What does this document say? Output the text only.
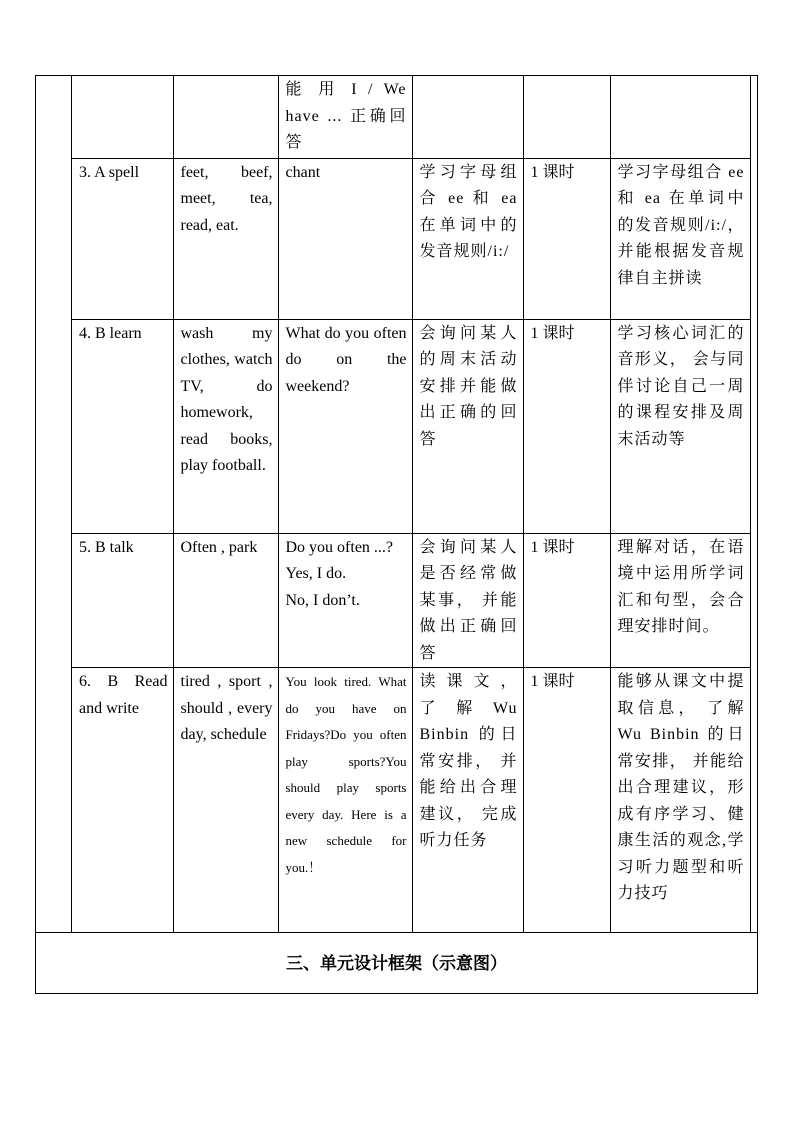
		能 用 I / We have ... 正确回答			
3. A spell	feet, beef, meet, tea, read, eat.	chant	学习字母组合 ee 和 ea 在单词中的发音规则/i:/	1 课时	学习字母组合 ee 和 ea 在单词中的发音规则/i:/，并能根据发音规律自主拼读
4. B learn	wash my clothes, watch TV, do homework, read books, play football.	What do you often do on the weekend?	会询问某人的周末活动安排并能做出正确的回答	1 课时	学习核心词汇的音形义， 会与同伴讨论自己一周的课程安排及周末活动等
5. B talk	Often , park	Do you often ...?
Yes, I do.
No, I don’t.	会询问某人是否经常做某事， 并能做出正确回答	1 课时	理解对话，在语境中运用所学词汇和句型，会合理安排时间。
6. B Read and write	tired , sport , should , every day, schedule	You look tired. What do you have on Fridays?Do you often play sports?You should play sports every day. Here is a new schedule for you.！	读 课 文 ， 了 解 Wu Binbin 的日常安排， 并能给出合理建议， 完成听力任务	1 课时	能够从课文中提取信息， 了解 Wu Binbin 的日常安排， 并能给出合理建议，形成有序学习、健康生活的观念,学习听力题型和听力技巧
三、单元设计框架（示意图）
